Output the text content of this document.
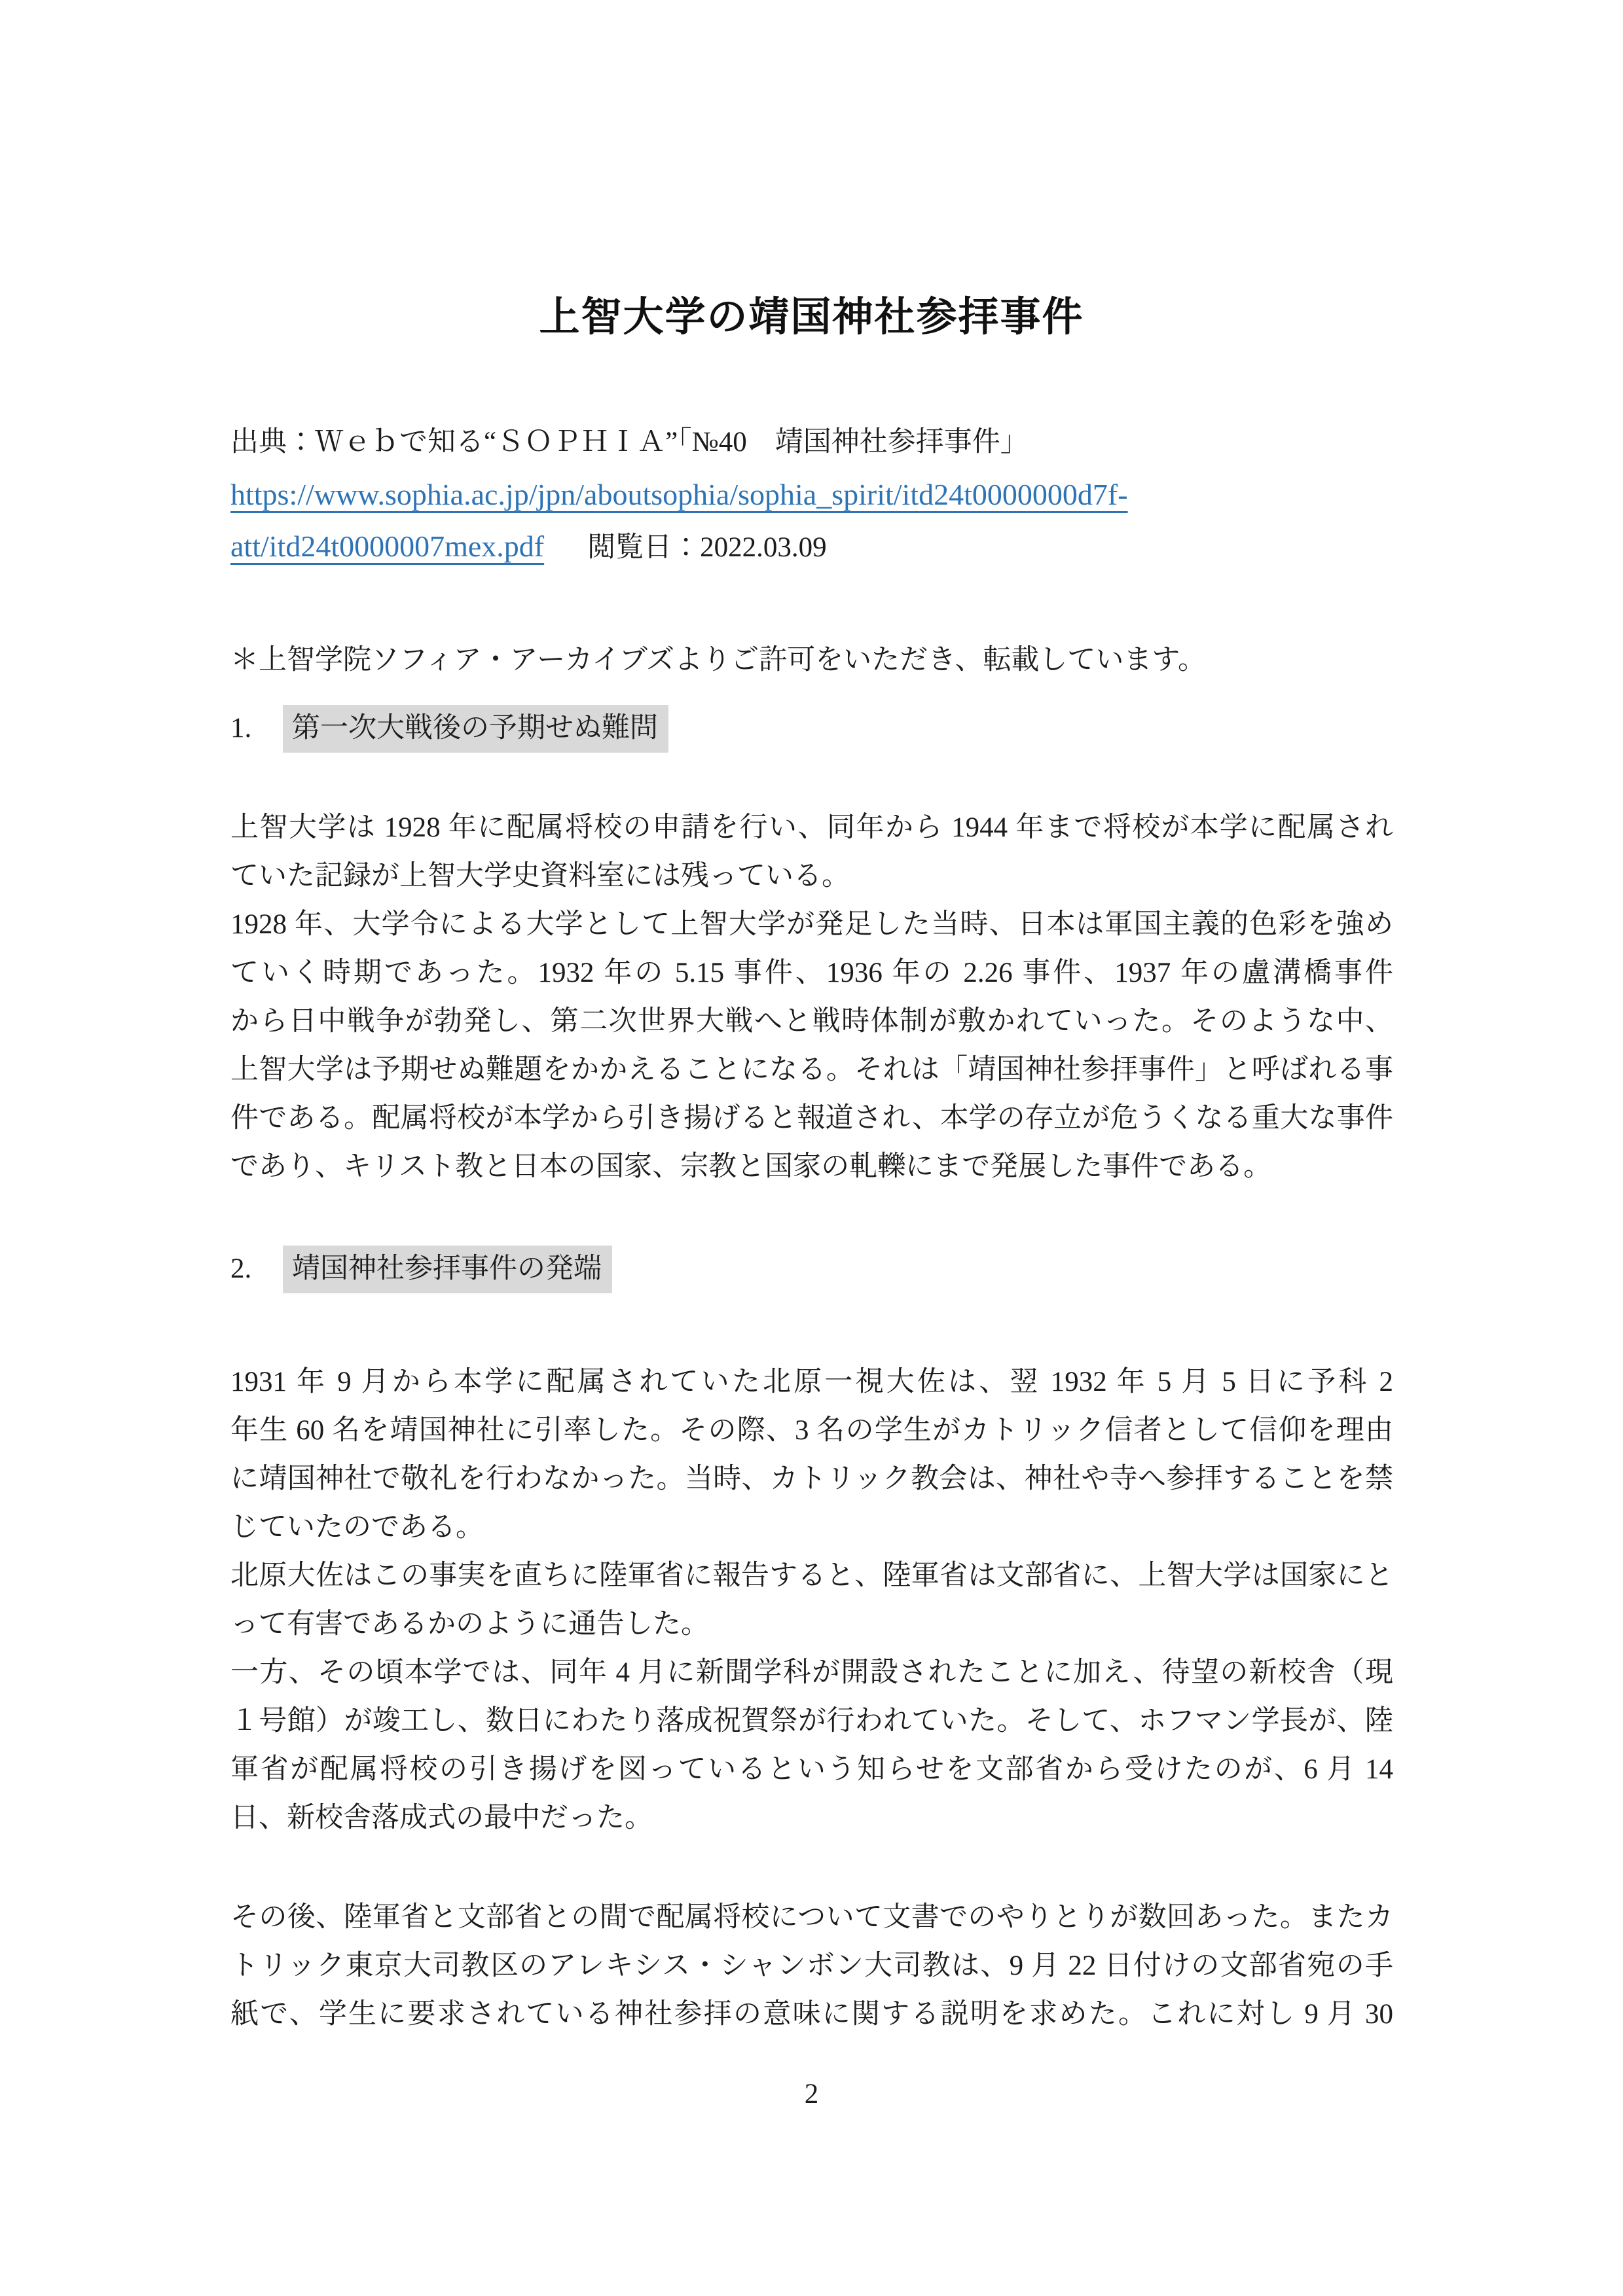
上智大学の靖国神社参拝事件
出典：Ｗｅｂで知る“ＳＯＰＨＩＡ”「№40　靖国神社参拝事件」
https://www.sophia.ac.jp/jpn/aboutsophia/sophia_spirit/itd24t0000000d7f-
att/itd24t0000007mex.pdf 閲覧日：2022.03.09
＊上智学院ソフィア・アーカイブズよりご許可をいただき、転載しています。
1. 第一次大戦後の予期せぬ難問
上智大学は 1928 年に配属将校の申請を行い、同年から 1944 年まで将校が本学に配属され
ていた記録が上智大学史資料室には残っている。
1928 年、大学令による大学として上智大学が発足した当時、日本は軍国主義的色彩を強め
ていく時期であった。1932 年の 5.15 事件、1936 年の 2.26 事件、1937 年の盧溝橋事件
から日中戦争が勃発し、第二次世界大戦へと戦時体制が敷かれていった。そのような中、
上智大学は予期せぬ難題をかかえることになる。それは「靖国神社参拝事件」と呼ばれる事
件である。配属将校が本学から引き揚げると報道され、本学の存立が危うくなる重大な事件
であり、キリスト教と日本の国家、宗教と国家の軋轢にまで発展した事件である。
2. 靖国神社参拝事件の発端
1931 年 9 月から本学に配属されていた北原一視大佐は、翌 1932 年 5 月 5 日に予科 2
年生 60 名を靖国神社に引率した。その際、3 名の学生がカトリック信者として信仰を理由
に靖国神社で敬礼を行わなかった。当時、カトリック教会は、神社や寺へ参拝することを禁
じていたのである。
北原大佐はこの事実を直ちに陸軍省に報告すると、陸軍省は文部省に、上智大学は国家にと
って有害であるかのように通告した。
一方、その頃本学では、同年 4 月に新聞学科が開設されたことに加え、待望の新校舎（現
１号館）が竣工し、数日にわたり落成祝賀祭が行われていた。そして、ホフマン学長が、陸
軍省が配属将校の引き揚げを図っているという知らせを文部省から受けたのが、6 月 14
日、新校舎落成式の最中だった。
その後、陸軍省と文部省との間で配属将校について文書でのやりとりが数回あった。またカ
トリック東京大司教区のアレキシス・シャンボン大司教は、9 月 22 日付けの文部省宛の手
紙で、学生に要求されている神社参拝の意味に関する説明を求めた。これに対し 9 月 30
2
